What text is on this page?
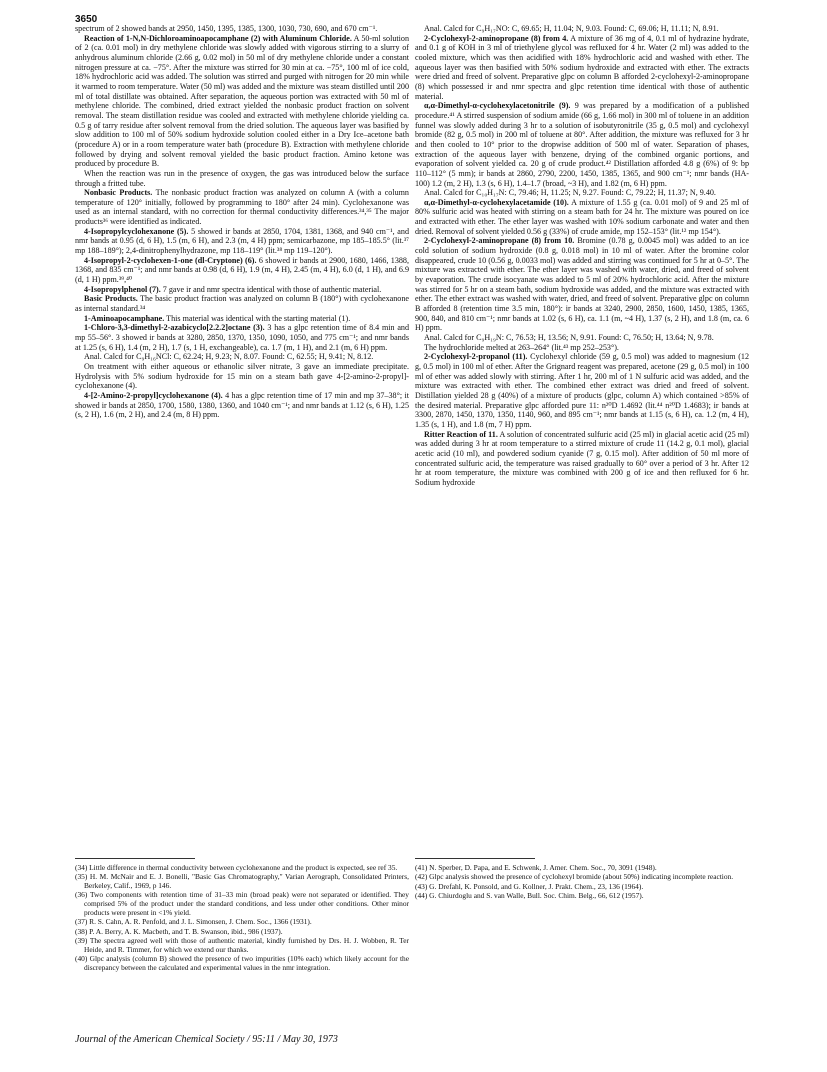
3650

spectrum of 2 showed bands at 2950, 1450, 1395, 1385, 1300, 1030, 730, 690, and 670 cm⁻¹.

Reaction of 1-N,N-Dichloroaminoapocamphane (2) with Aluminum Chloride. A 50-ml solution of 2 (ca. 0.01 mol) in dry methylene chloride was slowly added with vigorous stirring to a slurry of anhydrous aluminum chloride (2.66 g, 0.02 mol) in 50 ml of dry methylene chloride under a constant nitrogen pressure at ca. −75°. After the mixture was stirred for 30 min at ca. −75°, 100 ml of ice cold, 18% hydrochloric acid was added. The solution was stirred and purged with nitrogen for 20 min while it warmed to room temperature. Water (50 ml) was added and the mixture was steam distilled until 200 ml of total distillate was obtained. After separation, the aqueous portion was extracted with 50 ml of methylene chloride. The combined, dried extract yielded the nonbasic product fraction on solvent removal. The steam distillation residue was cooled and extracted with methylene chloride yielding ca. 0.5 g of tarry residue after solvent removal from the dried solution. The aqueous layer was basified by slow addition to 100 ml of 50% sodium hydroxide solution cooled either in a Dry Ice–acetone bath (procedure A) or in a room temperature water bath (procedure B). Extraction with methylene chloride followed by drying and solvent removal yielded the basic product fraction. Amino ketone was produced by procedure B.

When the reaction was run in the presence of oxygen, the gas was introduced below the surface through a fritted tube.

Nonbasic Products. The nonbasic product fraction was analyzed on column A (with a column temperature of 120° initially, followed by programming to 180° after 24 min). Cyclohexanone was used as an internal standard, with no correction for thermal conductivity differences.³⁴,³⁵ The major products³⁶ were identified as indicated.

4-Isopropylcyclohexanone (5). 5 showed ir bands at 2850, 1704, 1381, 1368, and 940 cm⁻¹, and nmr bands at 0.95 (d, 6 H), 1.5 (m, 6 H), and 2.3 (m, 4 H) ppm; semicarbazone, mp 185–185.5° (lit.³⁷ mp 188–189°); 2,4-dinitrophenylhydrazone, mp 118–119° (lit.³⁸ mp 119–120°).

4-Isopropyl-2-cyclohexen-1-one (dl-Cryptone) (6). 6 showed ir bands at 2900, 1680, 1466, 1388, 1368, and 835 cm⁻¹; and nmr bands at 0.98 (d, 6 H), 1.9 (m, 4 H), 2.45 (m, 4 H), 6.0 (d, 1 H), and 6.9 (d, 1 H) ppm.³⁹,⁴⁰

4-Isopropylphenol (7). 7 gave ir and nmr spectra identical with those of authentic material.

Basic Products. The basic product fraction was analyzed on column B (180°) with cyclohexanone as internal standard.³⁴

1-Aminoapocamphane. This material was identical with the starting material (1).

1-Chloro-3,3-dimethyl-2-azabicyclo[2.2.2]octane (3). 3 has a glpc retention time of 8.4 min and mp 55–56°. 3 showed ir bands at 3280, 2850, 1370, 1350, 1090, 1050, and 775 cm⁻¹; and nmr bands at 1.25 (s, 6 H), 1.4 (m, 2 H), 1.7 (s, 1 H, exchangeable), ca. 1.7 (m, 1 H), and 2.1 (m, 6 H) ppm.

Anal. Calcd for C₉H₁₆NCl: C, 62.24; H, 9.23; N, 8.07. Found: C, 62.55; H, 9.41; N, 8.12.

On treatment with either aqueous or ethanolic silver nitrate, 3 gave an immediate precipitate. Hydrolysis with 5% sodium hydroxide for 15 min on a steam bath gave 4-[2-amino-2-propyl]-cyclohexanone (4).

4-[2-Amino-2-propyl]cyclohexanone (4). 4 has a glpc retention time of 17 min and mp 37–38°; it showed ir bands at 2850, 1700, 1580, 1380, 1360, and 1040 cm⁻¹; and nmr bands at 1.12 (s, 6 H), 1.25 (s, 2 H), 1.6 (m, 2 H), and 2.4 (m, 8 H) ppm.

Anal. Calcd for C₉H₁₇NO: C, 69.65; H, 11.04; N, 9.03. Found: C, 69.06; H, 11.11; N, 8.91.

2-Cyclohexyl-2-aminopropane (8) from 4. A mixture of 36 mg of 4, 0.1 ml of hydrazine hydrate, and 0.1 g of KOH in 3 ml of triethylene glycol was refluxed for 4 hr. Water (2 ml) was added to the cooled mixture, which was then acidified with 18% hydrochloric acid and washed with ether. The aqueous layer was then basified with 50% sodium hydroxide and extracted with ether. The extracts were dried and freed of solvent. Preparative glpc on column B afforded 2-cyclohexyl-2-aminopropane (8) which possessed ir and nmr spectra and glpc retention time identical with those of authentic material.

α,α-Dimethyl-α-cyclohexylacetonitrile (9). 9 was prepared by a modification of a published procedure.⁴¹ A stirred suspension of sodium amide (66 g, 1.66 mol) in 300 ml of toluene in an addition funnel was slowly added during 3 hr to a solution of isobutyronitrile (35 g, 0.5 mol) and cyclohexyl bromide (82 g, 0.5 mol) in 200 ml of toluene at 80°. After addition, the mixture was refluxed for 3 hr and then cooled to 10° prior to the dropwise addition of 500 ml of water. Separation of phases, extraction of the aqueous layer with benzene, drying of the combined organic portions, and evaporation of solvent yielded ca. 20 g of crude product.⁴² Distillation afforded 4.8 g (6%) of 9: bp 110–112° (5 mm); ir bands at 2860, 2790, 2200, 1450, 1385, 1365, and 900 cm⁻¹; nmr bands (HA-100) 1.2 (m, 2 H), 1.3 (s, 6 H), 1.4–1.7 (broad, ~3 H), and 1.82 (m, 6 H) ppm.

Anal. Calcd for C₁₀H₁₇N: C, 79.46; H, 11.25; N, 9.27. Found: C, 79.22; H, 11.37; N, 9.40.

α,α-Dimethyl-α-cyclohexylacetamide (10). A mixture of 1.55 g (ca. 0.01 mol) of 9 and 25 ml of 80% sulfuric acid was heated with stirring on a steam bath for 24 hr. The mixture was poured on ice and extracted with ether. The ether layer was washed with 10% sodium carbonate and water and then dried. Removal of solvent yielded 0.56 g (33%) of crude amide, mp 152–153° (lit.¹² mp 154°).

2-Cyclohexyl-2-aminopropane (8) from 10. Bromine (0.78 g, 0.0045 mol) was added to an ice cold solution of sodium hydroxide (0.8 g, 0.018 mol) in 10 ml of water. After the bromine color disappeared, crude 10 (0.56 g, 0.0033 mol) was added and stirring was continued for 5 hr at 0–5°. The mixture was extracted with ether. The ether layer was washed with water, dried, and freed of solvent by evaporation. The crude isocyanate was added to 5 ml of 20% hydrochloric acid. After the mixture was stirred for 5 hr on a steam bath, sodium hydroxide was added, and the mixture was extracted with ether. The ether extract was washed with water, dried, and freed of solvent. Preparative glpc on column B afforded 8 (retention time 3.5 min, 180°): ir bands at 3240, 2900, 2850, 1600, 1450, 1385, 1365, 900, 840, and 810 cm⁻¹; nmr bands at 1.02 (s, 6 H), ca. 1.1 (m, ~4 H), 1.37 (s, 2 H), and 1.8 (m, ca. 6 H) ppm.

Anal. Calcd for C₉H₁₉N: C, 76.53; H, 13.56; N, 9.91. Found: C, 76.50; H, 13.64; N, 9.78.

The hydrochloride melted at 263–264° (lit.⁴³ mp 252–253°).

2-Cyclohexyl-2-propanol (11). Cyclohexyl chloride (59 g, 0.5 mol) was added to magnesium (12 g, 0.5 mol) in 100 ml of ether. After the Grignard reagent was prepared, acetone (29 g, 0.5 mol) in 100 ml of ether was added slowly with stirring. After 1 hr, 200 ml of 1 N sulfuric acid was added, and the mixture was extracted with ether. The combined ether extract was dried and freed of solvent. Distillation yielded 28 g (40%) of a mixture of products (glpc, column A) which contained >85% of the desired material. Preparative glpc afforded pure 11: n²⁰D 1.4692 (lit.⁴⁴ n²⁰D 1.4683); ir bands at 3300, 2870, 1450, 1370, 1350, 1140, 960, and 895 cm⁻¹; nmr bands at 1.15 (s, 6 H), ca. 1.2 (m, 4 H), 1.35 (s, 1 H), and 1.8 (m, 7 H) ppm.

Ritter Reaction of 11. A solution of concentrated sulfuric acid (25 ml) in glacial acetic acid (25 ml) was added during 3 hr at room temperature to a stirred mixture of crude 11 (14.2 g, 0.1 mol), glacial acetic acid (10 ml), and powdered sodium cyanide (7 g, 0.15 mol). After addition of 50 ml more of concentrated sulfuric acid, the temperature was raised gradually to 60° over a period of 3 hr. After 12 hr at room temperature, the mixture was combined with 200 g of ice and then refluxed for 6 hr. Sodium hydroxide

(34) Little difference in thermal conductivity between cyclohexanone and the product is expected, see ref 35.

(35) H. M. McNair and E. J. Bonelli, "Basic Gas Chromatography," Varian Aerograph, Consolidated Printers, Berkeley, Calif., 1969, p 146.

(36) Two components with retention time of 31–33 min (broad peak) were not separated or identified. They comprised 5% of the product under the standard conditions, and less under other conditions. Other minor products were present in <1% yield.

(37) R. S. Cahn, A. R. Penfold, and J. L. Simonsen, J. Chem. Soc., 1366 (1931).

(38) P. A. Berry, A. K. Macbeth, and T. B. Swanson, ibid., 986 (1937).

(39) The spectra agreed well with those of authentic material, kindly furnished by Drs. H. J. Wobben, R. Ter Heide, and R. Timmer, for which we extend our thanks.

(40) Glpc analysis (column B) showed the presence of two impurities (10% each) which likely account for the discrepancy between the calculated and experimental values in the nmr integration.

(41) N. Sperber, D. Papa, and E. Schwenk, J. Amer. Chem. Soc., 70, 3091 (1948).

(42) Glpc analysis showed the presence of cyclohexyl bromide (about 50%) indicating incomplete reaction.

(43) G. Drefahl, K. Ponsold, and G. Kollner, J. Prakt. Chem., 23, 136 (1964).

(44) G. Chiurdoglu and S. van Walle, Bull. Soc. Chim. Belg., 66, 612 (1957).

Journal of the American Chemical Society / 95:11 / May 30, 1973
